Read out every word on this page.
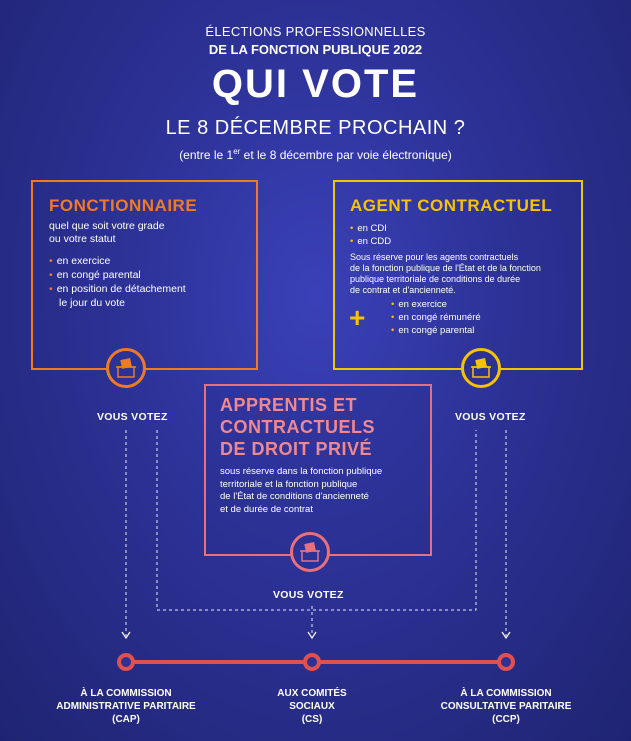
ÉLECTIONS PROFESSIONNELLES
DE LA FONCTION PUBLIQUE 2022
QUI VOTE
LE 8 DÉCEMBRE PROCHAIN ?
(entre le 1er et le 8 décembre par voie électronique)
FONCTIONNAIRE
quel que soit votre grade
ou votre statut
• en exercice
• en congé parental
• en position de détachement
le jour du vote
AGENT CONTRACTUEL
• en CDI
• en CDD
Sous réserve pour les agents contractuels
de la fonction publique de l'État et de la fonction
publique territoriale de conditions de durée
de contrat et d'ancienneté.
+
•	en exercice
• en congé rémunéré
• en congé parental
VOUS VOTEZ	VOUS VOTEZ
APPRENTIS ET
CONTRACTUELS
DE DROIT PRIVÉ
sous réserve dans la fonction publique
territoriale et la fonction publique
de l'État de conditions d'ancienneté
et de durée de contrat
VOUS VOTEZ
À LA COMMISSION
ADMINISTRATIVE PARITAIRE
(CAP)
AUX COMITÉS
SOCIAUX
(CS)
À LA COMMISSION
CONSULTATIVE PARITAIRE
(CCP)
